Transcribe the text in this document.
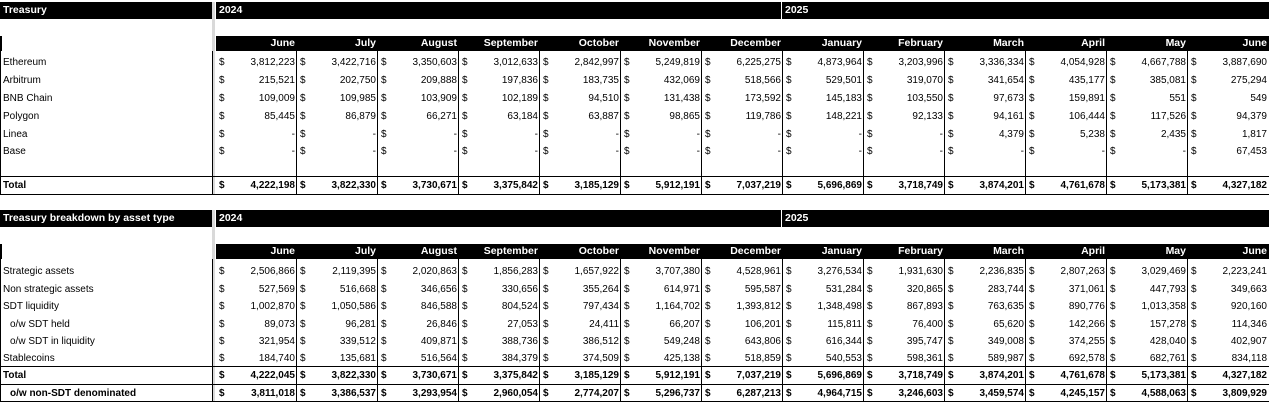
Treasury	2024	2025
June	July	August	September	October	November	December	January	February	March	April	May	June
Ethereum	$	3,812,223 $	3,422,716 $	3,350,603 $	3,012,633 $	2,842,997 $	5,249,819 $	6,225,275 $	4,873,964 $	3,203,996 $	3,336,334 $	4,054,928 $	4,667,788 $	3,887,690
Arbitrum	$	215,521 $	202,750 $	209,888 $	197,836 $	183,735 $	432,069 $	518,566 $	529,501 $	319,070 $	341,654 $	435,177 $	385,081 $	275,294
BNB Chain	$	109,009 $	109,985 $	103,909 $	102,189 $	94,510 $	131,438 $	173,592 $	145,183 $	103,550 $	97,673 $	159,891 $	551 $	549
Polygon	$	85,445 $	86,879 $	66,271 $	63,184 $	63,887 $	98,865 $	119,786 $	148,221 $	92,133 $	94,161 $	106,444 $	117,526 $	94,379
Linea	$	- $	- $	- $	- $	- $	- $	- $	- $	- $	4,379 $	5,238 $	2,435 $	1,817
Base	$	- $	- $	- $	- $	- $	- $	- $	- $	- $	- $	- $	- $	67,453
Total	$	4,222,198 $	3,822,330 $	3,730,671 $	3,375,842 $	3,185,129 $	5,912,191 $	7,037,219 $	5,696,869 $	3,718,749 $	3,874,201 $	4,761,678 $	5,173,381 $	4,327,182
Treasury breakdown by asset type	2024	2025
June	July	August	September	October	November	December	January	February	March	April	May	June
Strategic assets	$	2,506,866 $	2,119,395 $	2,020,863 $	1,856,283 $	1,657,922 $	3,707,380 $	4,528,961 $	3,276,534 $	1,931,630 $	2,236,835 $	2,807,263 $	3,029,469 $	2,223,241
Non strategic assets	$	527,569 $	516,668 $	346,656 $	330,656 $	355,264 $	614,971 $	595,587 $	531,284 $	320,865 $	283,744 $	371,061 $	447,793 $	349,663
SDT liquidity	$	1,002,870 $	1,050,586 $	846,588 $	804,524 $	797,434 $	1,164,702 $	1,393,812 $	1,348,498 $	867,893 $	763,635 $	890,776 $	1,013,358 $	920,160
o/w SDT held	$	89,073 $	96,281 $	26,846 $	27,053 $	24,411 $	66,207 $	106,201 $	115,811 $	76,400 $	65,620 $	142,266 $	157,278 $	114,346
o/w SDT in liquidity	$	321,954 $	339,512 $	409,871 $	388,736 $	386,512 $	549,248 $	643,806 $	616,344 $	395,747 $	349,008 $	374,255 $	428,040 $	402,907
Stablecoins	$	184,740 $	135,681 $	516,564 $	384,379 $	374,509 $	425,138 $	518,859 $	540,553 $	598,361 $	589,987 $	692,578 $	682,761 $	834,118
Total	$	4,222,045 $	3,822,330 $	3,730,671 $	3,375,842 $	3,185,129 $	5,912,191 $	7,037,219 $	5,696,869 $	3,718,749 $	3,874,201 $	4,761,678 $	5,173,381 $	4,327,182
o/w non-SDT denominated	$	3,811,018 $	3,386,537 $	3,293,954 $	2,960,054 $	2,774,207 $	5,296,737 $	6,287,213 $	4,964,715 $	3,246,603 $	3,459,574 $	4,245,157 $	4,588,063 $	3,809,929
